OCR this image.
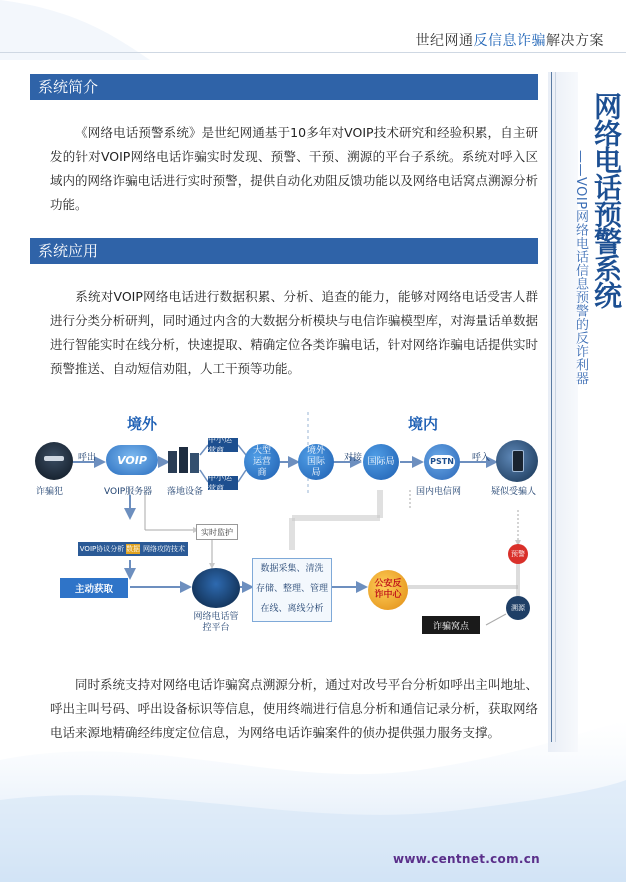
世纪网通反信息诈骗解决方案
网络电话预警系统
——VOIP网络电话信息预警的反诈利器
系统简介
《网络电话预警系统》是世纪网通基于10多年对VOIP技术研究和经验积累，自主研发的针对VOIP网络电话诈骗实时发现、预警、干预、溯源的平台子系统。系统对呼入区域内的网络诈骗电话进行实时预警，提供自动化劝阻反馈功能以及网络电话窝点溯源分析功能。
系统应用
系统对VOIP网络电话进行数据积累、分析、追查的能力，能够对网络电话受害人群进行分类分析研判，同时通过内含的大数据分析模块与电信诈骗模型库，对海量话单数据进行智能实时在线分析，快速提取、精确定位各类诈骗电话，针对网络诈骗电话提供实时预警推送、自动短信劝阻，人工干预等功能。
境外	境内
诈骗犯
呼出	VOIP
VOIP服务器 落地设备
中小运营商
中小运营商
大型运营商
境外国际局
对接 国际局	PSTN
国内电信网
呼入
疑似受骗人
实时监护
VOIP协议分析 数据 网络攻防技术
主动获取
网络电话管控平台
数据采集、清洗
存储、整理、管理
在线、离线分析
公安反诈中心
预警
溯源
诈骗窝点
同时系统支持对网络电话诈骗窝点溯源分析，通过对改号平台分析如呼出主叫地址、呼出主叫号码、呼出设备标识等信息，使用终端进行信息分析和通信记录分析，获取网络电话来源地精确经纬度定位信息，为网络电话诈骗案件的侦办提供强力服务支撑。
www.centnet.com.cn
